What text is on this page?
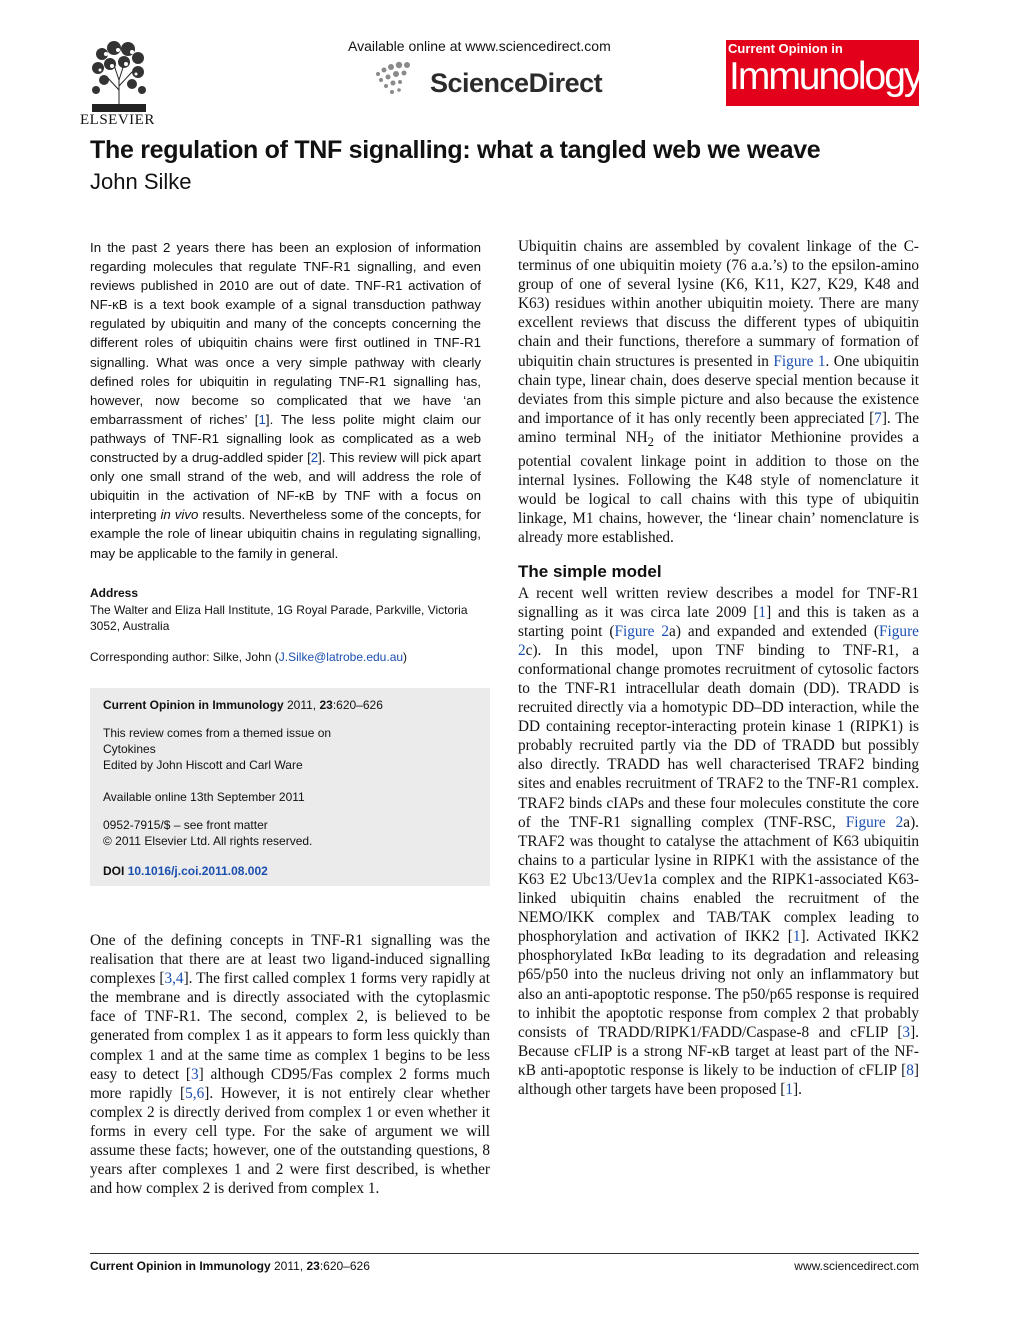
ELSEVIER
Available online at www.sciencedirect.com
ScienceDirect
Current Opinion in
Immunology
The regulation of TNF signalling: what a tangled web we weave
John Silke
In the past 2 years there has been an explosion of information regarding molecules that regulate TNF-R1 signalling, and even reviews published in 2010 are out of date. TNF-R1 activation of NF-κB is a text book example of a signal transduction pathway regulated by ubiquitin and many of the concepts concerning the different roles of ubiquitin chains were first outlined in TNF-R1 signalling. What was once a very simple pathway with clearly defined roles for ubiquitin in regulating TNF-R1 signalling has, however, now become so complicated that we have ‘an embarrassment of riches’ [1]. The less polite might claim our pathways of TNF-R1 signalling look as complicated as a web constructed by a drug-addled spider [2]. This review will pick apart only one small strand of the web, and will address the role of ubiquitin in the activation of NF-κB by TNF with a focus on interpreting in vivo results. Nevertheless some of the concepts, for example the role of linear ubiquitin chains in regulating signalling, may be applicable to the family in general.
Address
The Walter and Eliza Hall Institute, 1G Royal Parade, Parkville, Victoria 3052, Australia
Corresponding author: Silke, John (J.Silke@latrobe.edu.au)
Current Opinion in Immunology 2011, 23:620–626
This review comes from a themed issue on
Cytokines
Edited by John Hiscott and Carl Ware
Available online 13th September 2011
0952-7915/$ – see front matter
© 2011 Elsevier Ltd. All rights reserved.
DOI 10.1016/j.coi.2011.08.002

One of the defining concepts in TNF-R1 signalling was the realisation that there are at least two ligand-induced signalling complexes [3,4]. The first called complex 1 forms very rapidly at the membrane and is directly associated with the cytoplasmic face of TNF-R1. The second, complex 2, is believed to be generated from complex 1 as it appears to form less quickly than complex 1 and at the same time as complex 1 begins to be less easy to detect [3] although CD95/Fas complex 2 forms much more rapidly [5,6]. However, it is not entirely clear whether complex 2 is directly derived from complex 1 or even whether it forms in every cell type. For the sake of argument we will assume these facts; however, one of the outstanding questions, 8 years after complexes 1 and 2 were first described, is whether and how complex 2 is derived from complex 1.

Ubiquitin chains are assembled by covalent linkage of the C-terminus of one ubiquitin moiety (76 a.a.’s) to the epsilon-amino group of one of several lysine (K6, K11, K27, K29, K48 and K63) residues within another ubiquitin moiety. There are many excellent reviews that discuss the different types of ubiquitin chain and their functions, therefore a summary of formation of ubiquitin chain structures is presented in Figure 1. One ubiquitin chain type, linear chain, does deserve special mention because it deviates from this simple picture and also because the existence and importance of it has only recently been appreciated [7]. The amino terminal $NH_2$ of the initiator Methionine provides a potential covalent linkage point in addition to those on the internal lysines. Following the K48 style of nomenclature it would be logical to call chains with this type of ubiquitin linkage, M1 chains, however, the ‘linear chain’ nomenclature is already more established.

The simple model

A recent well written review describes a model for TNF-R1 signalling as it was circa late 2009 [1] and this is taken as a starting point (Figure 2a) and expanded and extended (Figure 2c). In this model, upon TNF binding to TNF-R1, a conformational change promotes recruitment of cytosolic factors to the TNF-R1 intracellular death domain (DD). TRADD is recruited directly via a homotypic DD–DD interaction, while the DD containing receptor-interacting protein kinase 1 (RIPK1) is probably recruited partly via the DD of TRADD but possibly also directly. TRADD has well characterised TRAF2 binding sites and enables recruitment of TRAF2 to the TNF-R1 complex. TRAF2 binds cIAPs and these four molecules constitute the core of the TNF-R1 signalling complex (TNF-RSC, Figure 2a). TRAF2 was thought to catalyse the attachment of K63 ubiquitin chains to a particular lysine in RIPK1 with the assistance of the K63 E2 Ubc13/Uev1a complex and the RIPK1-associated K63-linked ubiquitin chains enabled the recruitment of the NEMO/IKK complex and TAB/TAK complex leading to phosphorylation and activation of IKK2 [1]. Activated IKK2 phosphorylated IκBα leading to its degradation and releasing p65/p50 into the nucleus driving not only an inflammatory but also an anti-apoptotic response. The p50/p65 response is required to inhibit the apoptotic response from complex 2 that probably consists of TRADD/RIPK1/FADD/Caspase-8 and cFLIP [3]. Because cFLIP is a strong NF-κB target at least part of the NF-κB anti-apoptotic response is likely to be induction of cFLIP [8] although other targets have been proposed [1].

Current Opinion in Immunology 2011, 23:620–626	www.sciencedirect.com
